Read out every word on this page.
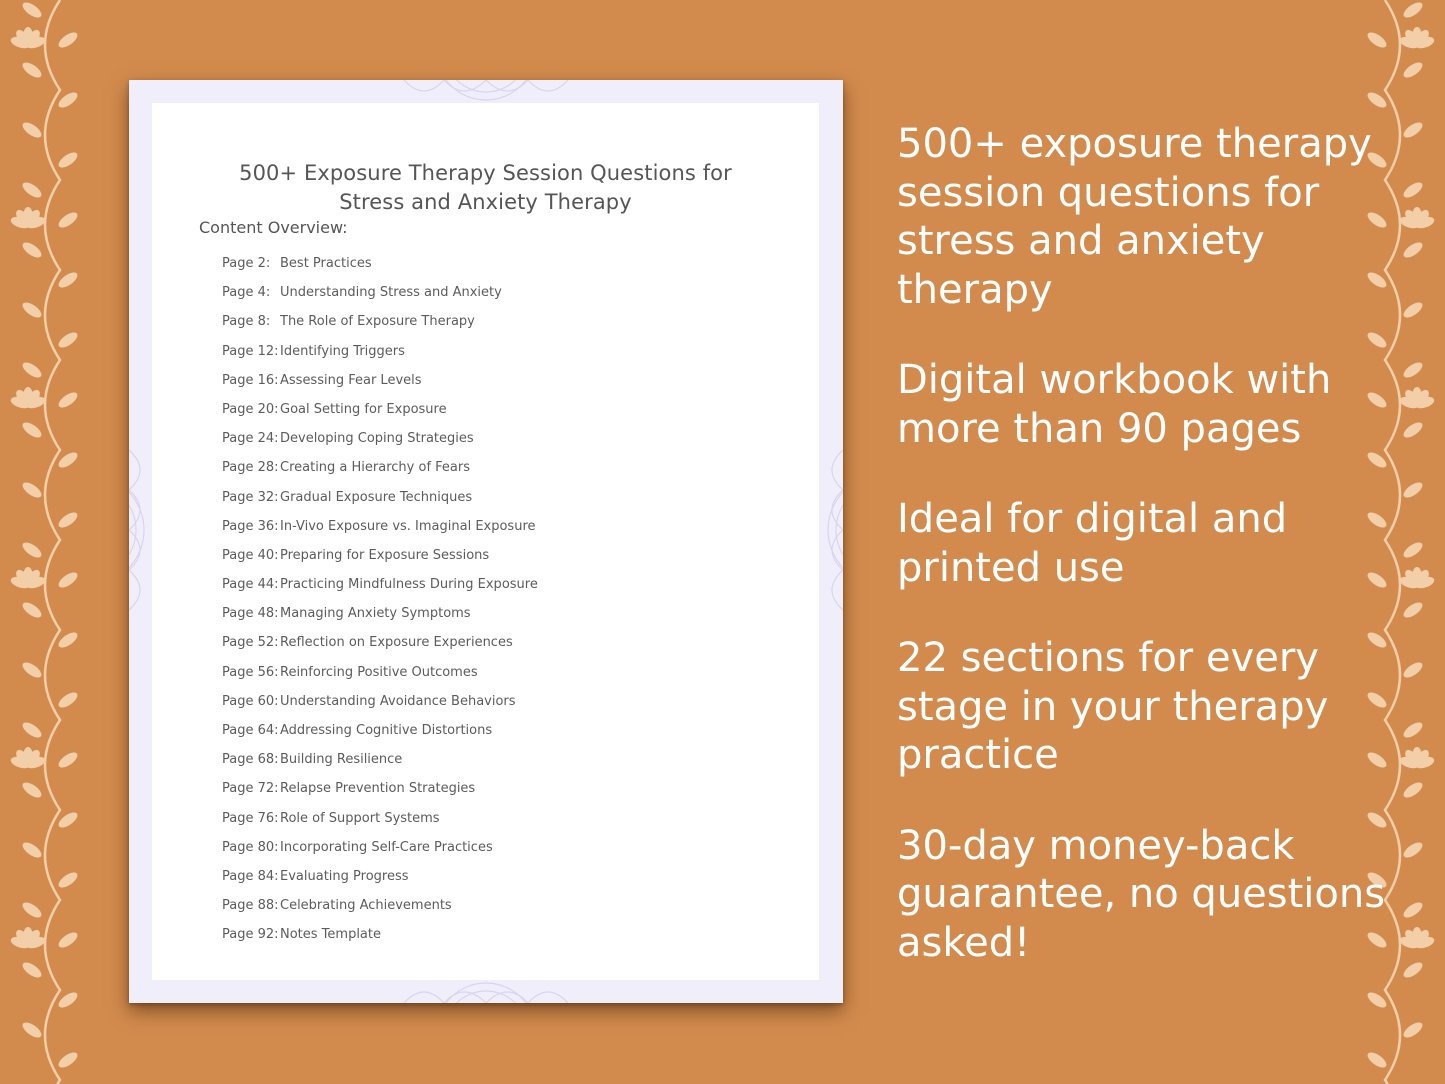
500+ Exposure Therapy Session Questions for Stress and Anxiety Therapy
Content Overview:
Page 2: Best Practices
Page 4: Understanding Stress and Anxiety
Page 8: The Role of Exposure Therapy
Page 12:Identifying Triggers
Page 16:Assessing Fear Levels
Page 20:Goal Setting for Exposure
Page 24:Developing Coping Strategies
Page 28:Creating a Hierarchy of Fears
Page 32:Gradual Exposure Techniques
Page 36:In-Vivo Exposure vs. Imaginal Exposure
Page 40:Preparing for Exposure Sessions
Page 44:Practicing Mindfulness During Exposure
Page 48:Managing Anxiety Symptoms
Page 52:Reflection on Exposure Experiences
Page 56:Reinforcing Positive Outcomes
Page 60:Understanding Avoidance Behaviors
Page 64:Addressing Cognitive Distortions
Page 68:Building Resilience
Page 72:Relapse Prevention Strategies
Page 76:Role of Support Systems
Page 80:Incorporating Self-Care Practices
Page 84:Evaluating Progress
Page 88:Celebrating Achievements
Page 92:Notes Template
500+ exposure therapy session questions for stress and anxiety therapy
Digital workbook with more than 90 pages
Ideal for digital and printed use
22 sections for every stage in your therapy practice
30-day money-back guarantee, no questions asked!
